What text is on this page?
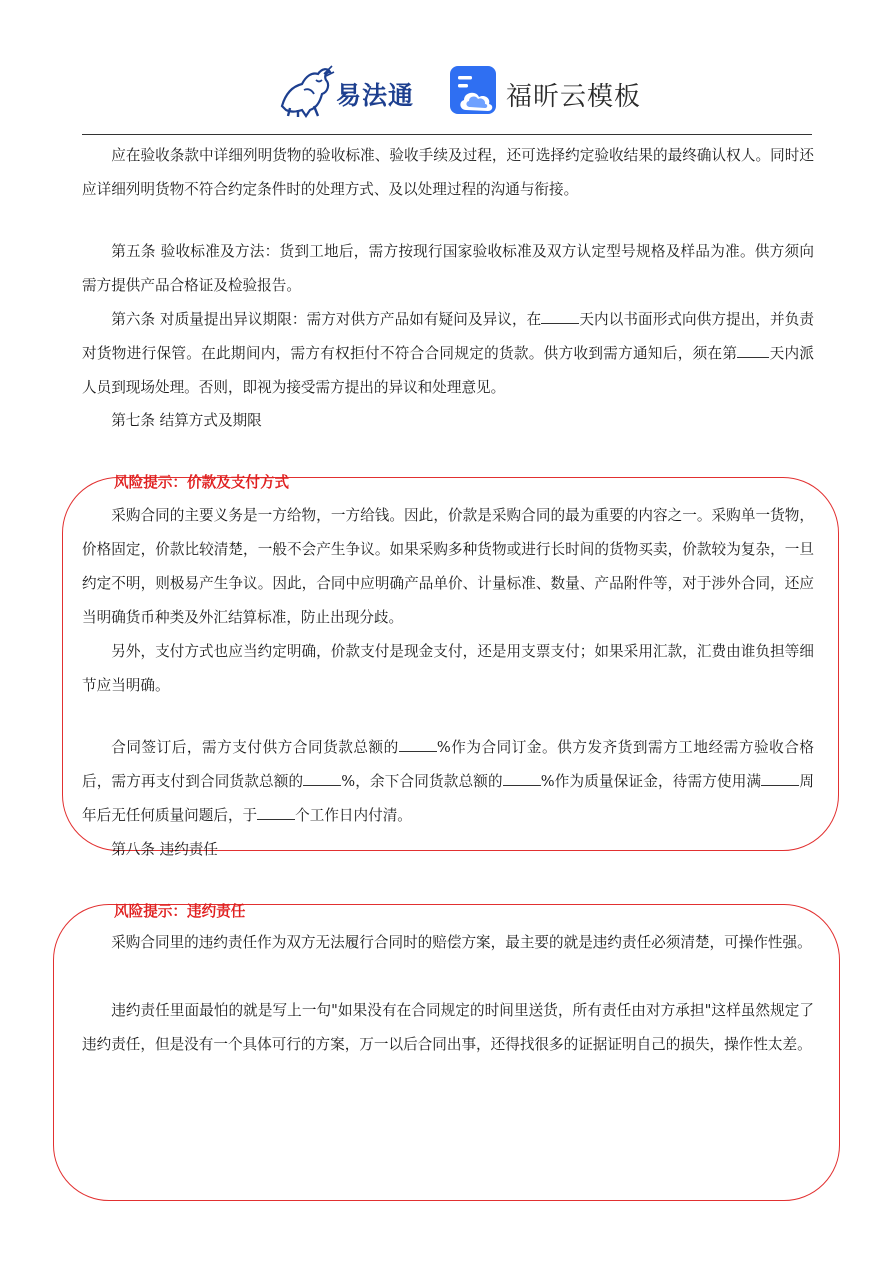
易法通	福昕云模板

应在验收条款中详细列明货物的验收标准、验收手续及过程，还可选择约定验收结果的最终确认权人。同时还应详细列明货物不符合约定条件时的处理方式、及以处理过程的沟通与衔接。

第五条 验收标准及方法：货到工地后，需方按现行国家验收标准及双方认定型号规格及样品为准。供方须向需方提供产品合格证及检验报告。

第六条 对质量提出异议期限：需方对供方产品如有疑问及异议，在	天内以书面形式向供方提出，并负责对货物进行保管。在此期间内，需方有权拒付不符合合同规定的货款。供方收到需方通知后，须在第 天内派人员到现场处理。否则，即视为接受需方提出的异议和处理意见。

第七条 结算方式及期限

风险提示：价款及支付方式

采购合同的主要义务是一方给物，一方给钱。因此，价款是采购合同的最为重要的内容之一。采购单一货物，价格固定，价款比较清楚，一般不会产生争议。如果采购多种货物或进行长时间的货物买卖，价款较为复杂，一旦约定不明，则极易产生争议。因此，合同中应明确产品单价、计量标准、数量、产品附件等，对于涉外合同，还应当明确货币种类及外汇结算标准，防止出现分歧。

另外，支付方式也应当约定明确，价款支付是现金支付，还是用支票支付；如果采用汇款，汇费由谁负担等细节应当明确。

合同签订后，需方支付供方合同货款总额的	%作为合同订金。供方发齐货到需方工地经需方验收合格后，需方再支付到合同货款总额的	%，余下合同货款总额的	%作为质量保证金，待需方使用满	周年后无任何质量问题后，于	个工作日内付清。

第八条 违约责任

风险提示：违约责任

采购合同里的违约责任作为双方无法履行合同时的赔偿方案，最主要的就是违约责任必须清楚，可操作性强。

违约责任里面最怕的就是写上一句"如果没有在合同规定的时间里送货，所有责任由对方承担"这样虽然规定了违约责任，但是没有一个具体可行的方案，万一以后合同出事，还得找很多的证据证明自己的损失，操作性太差。
